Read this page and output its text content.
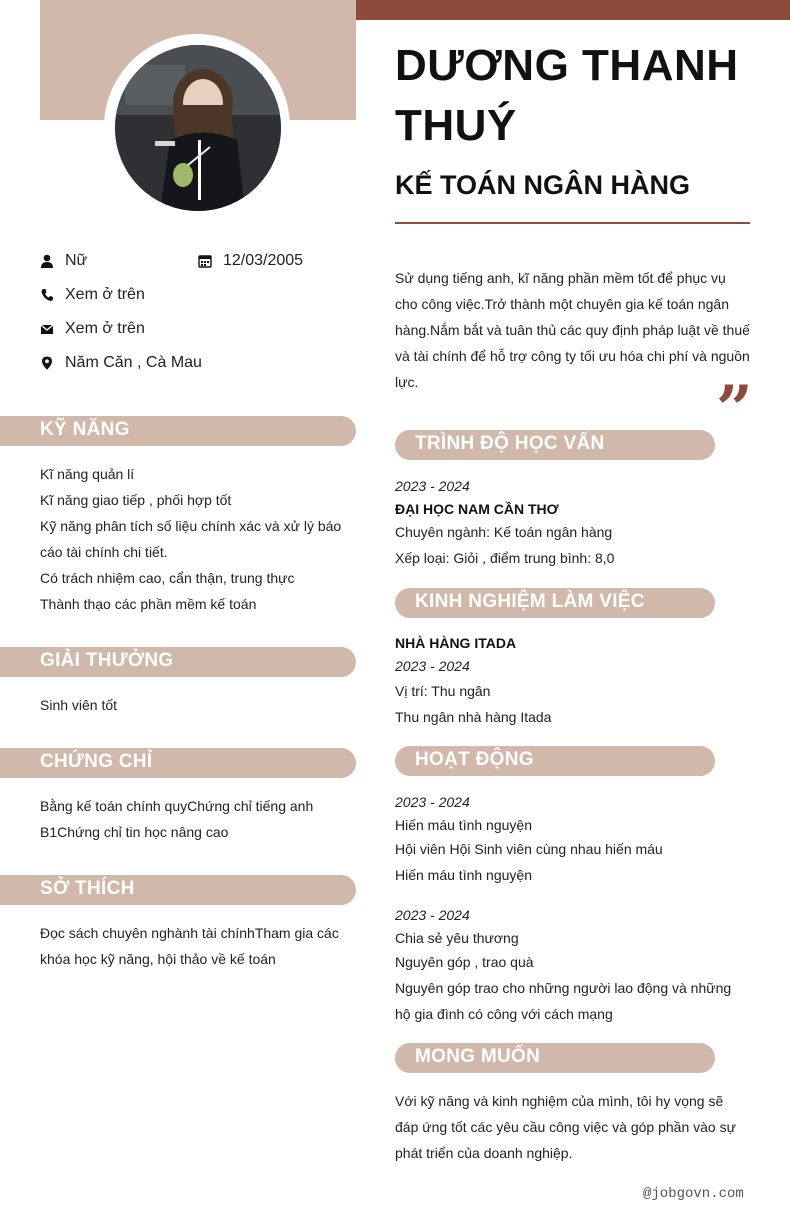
DƯƠNG THANH THUÝ
KẾ TOÁN NGÂN HÀNG
Nữ	12/03/2005
Xem ở trên
Xem ở trên
Năm Căn , Cà Mau
KỸ NĂNG

Kĩ năng quản lí

Kĩ năng giao tiếp , phối hợp tốt

Kỹ năng phân tích số liệu chính xác và xử lý báo cáo tài chính chi tiết.

Có trách nhiệm cao, cẩn thận, trung thực

Thành thạo các phần mềm kế toán

GIẢI THƯỞNG

Sinh viên tốt

CHỨNG CHỈ
Bằng kế toán chính quyChứng chỉ tiếng anh B1Chứng chỉ tin học nâng cao
SỞ THÍCH
Đọc sách chuyên nghành tài chínhTham gia các khóa học kỹ năng, hội thảo về kế toán
Sử dụng tiếng anh, kĩ năng phần mềm tốt để phục vụ cho công việc.Trở thành một chuyên gia kế toán ngân hàng.Nắm bắt và tuân thủ các quy định pháp luật về thuế và tài chính để hỗ trợ công ty tối ưu hóa chi phí và nguồn lực.	”
TRÌNH ĐỘ HỌC VẤN

2023 - 2024

ĐẠI HỌC NAM CẦN THƠ

Chuyên ngành: Kế toán ngân hàng

Xếp loại: Giỏi , điểm trung bình: 8,0

KINH NGHIỆM LÀM VIỆC

NHÀ HÀNG ITADA

2023 - 2024

Vị trí: Thu ngân

Thu ngân nhà hàng Itada

HOẠT ĐỘNG

2023 - 2024

Hiến máu tình nguyện

Hội viên Hội Sinh viên cùng nhau hiến máu

Hiến máu tình nguyện

2023 - 2024

Chia sẻ yêu thương

Nguyên góp , trao quà

Nguyên góp trao cho những người lao động và những hộ gia đình có công với cách mạng

MONG MUỐN
Với kỹ năng và kinh nghiệm của mình, tôi hy vọng sẽ đáp ứng tốt các yêu cầu công việc và góp phần vào sự phát triển của doanh nghiệp.
@jobgovn.com
